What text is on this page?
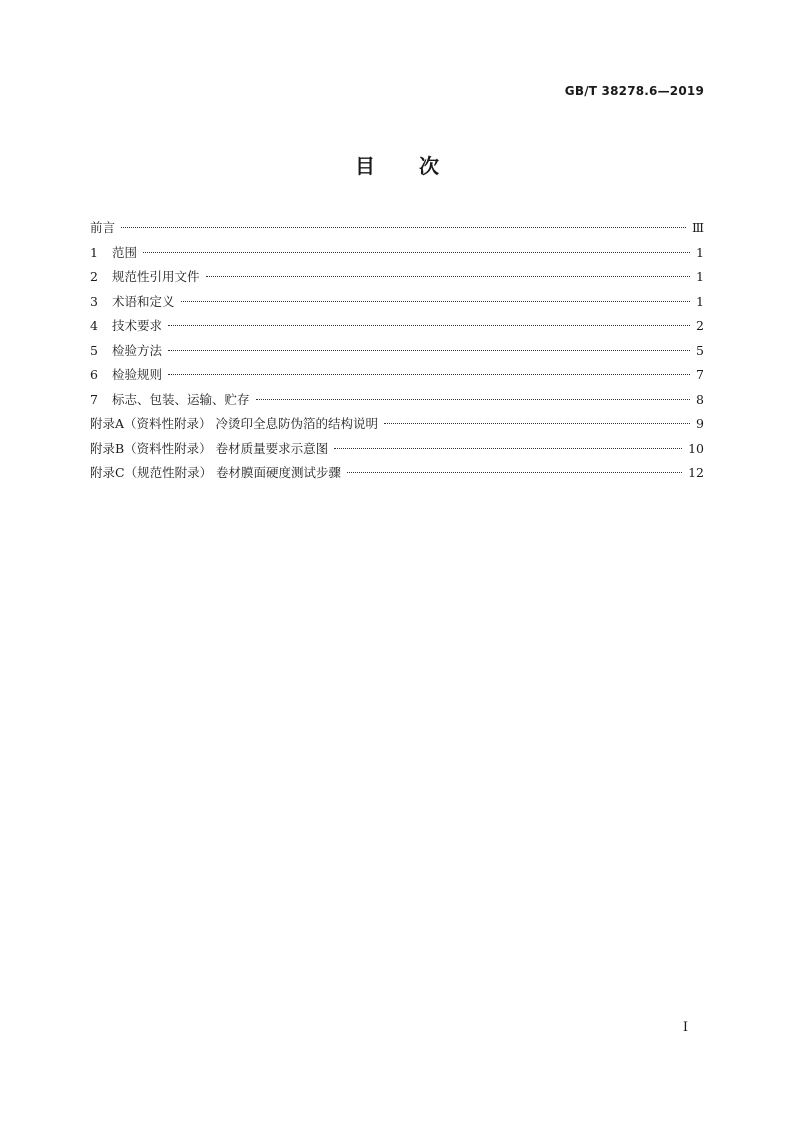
GB/T 38278.6—2019
目次
前言	Ⅲ
1	范围	1
2	规范性引用文件	1
3	术语和定义	1
4	技术要求	2
5	检验方法	5
6	检验规则	7
7	标志、包装、运输、贮存	8
附录A（资料性附录） 冷烫印全息防伪箔的结构说明	9
附录B（资料性附录） 卷材质量要求示意图	10
附录C（规范性附录） 卷材膜面硬度测试步骤	12
I
